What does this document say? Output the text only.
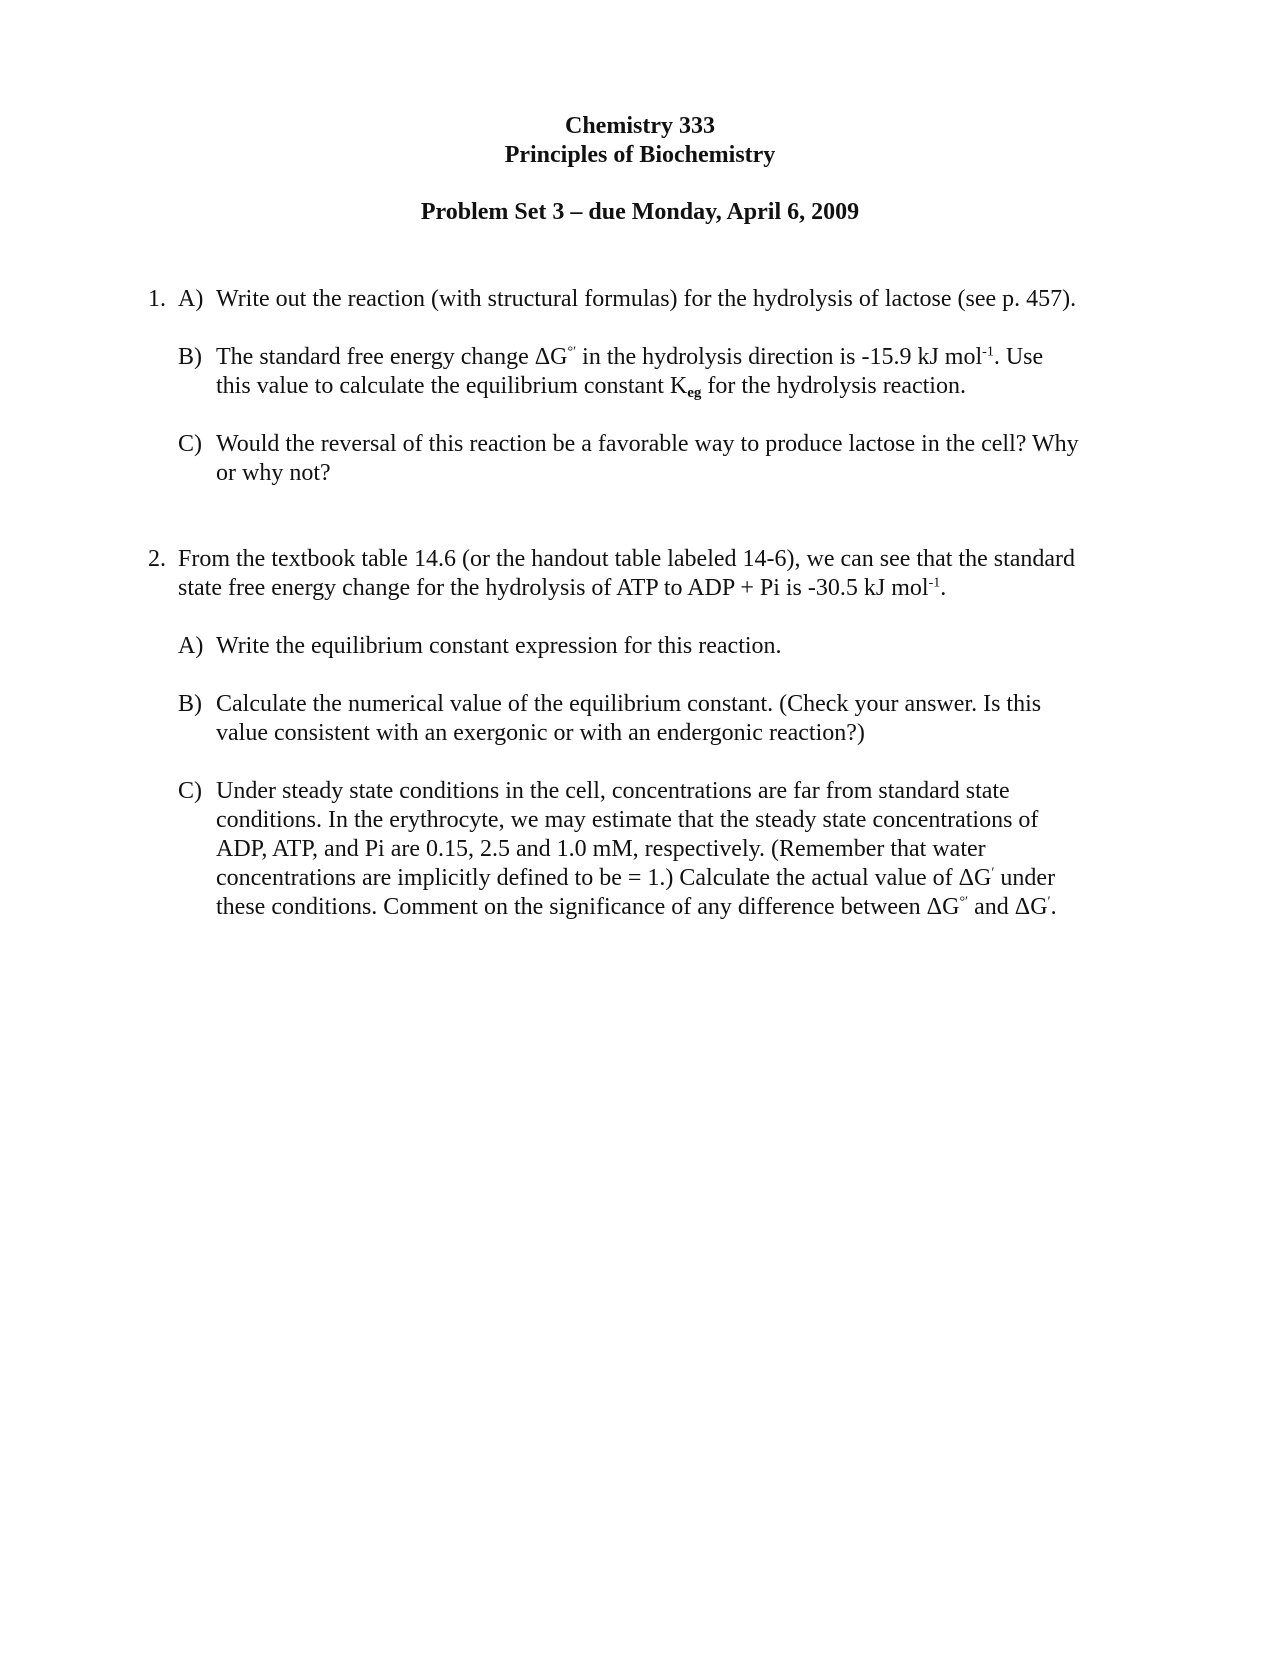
Chemistry 333
Principles of Biochemistry
Problem Set 3 – due Monday, April 6, 2009
1. A) Write out the reaction (with structural formulas) for the hydrolysis of lactose (see p. 457).
B) The standard free energy change ΔG°′ in the hydrolysis direction is -15.9 kJ mol$^{-1}$. Use
this value to calculate the equilibrium constant $K_{eg}$ for the hydrolysis reaction.
C) Would the reversal of this reaction be a favorable way to produce lactose in the cell? Why
or why not?
2. From the textbook table 14.6 (or the handout table labeled 14-6), we can see that the standard
state free energy change for the hydrolysis of ATP to ADP + Pi is -30.5 kJ mol$^{-1}$.
A) Write the equilibrium constant expression for this reaction.
B) Calculate the numerical value of the equilibrium constant. (Check your answer. Is this
value consistent with an exergonic or with an endergonic reaction?)
C) Under steady state conditions in the cell, concentrations are far from standard state
conditions. In the erythrocyte, we may estimate that the steady state concentrations of
ADP, ATP, and Pi are 0.15, 2.5 and 1.0 mM, respectively. (Remember that water
concentrations are implicitly defined to be = 1.) Calculate the actual value of ΔG′ under
these conditions. Comment on the significance of any difference between ΔG°′ and ΔG′.
